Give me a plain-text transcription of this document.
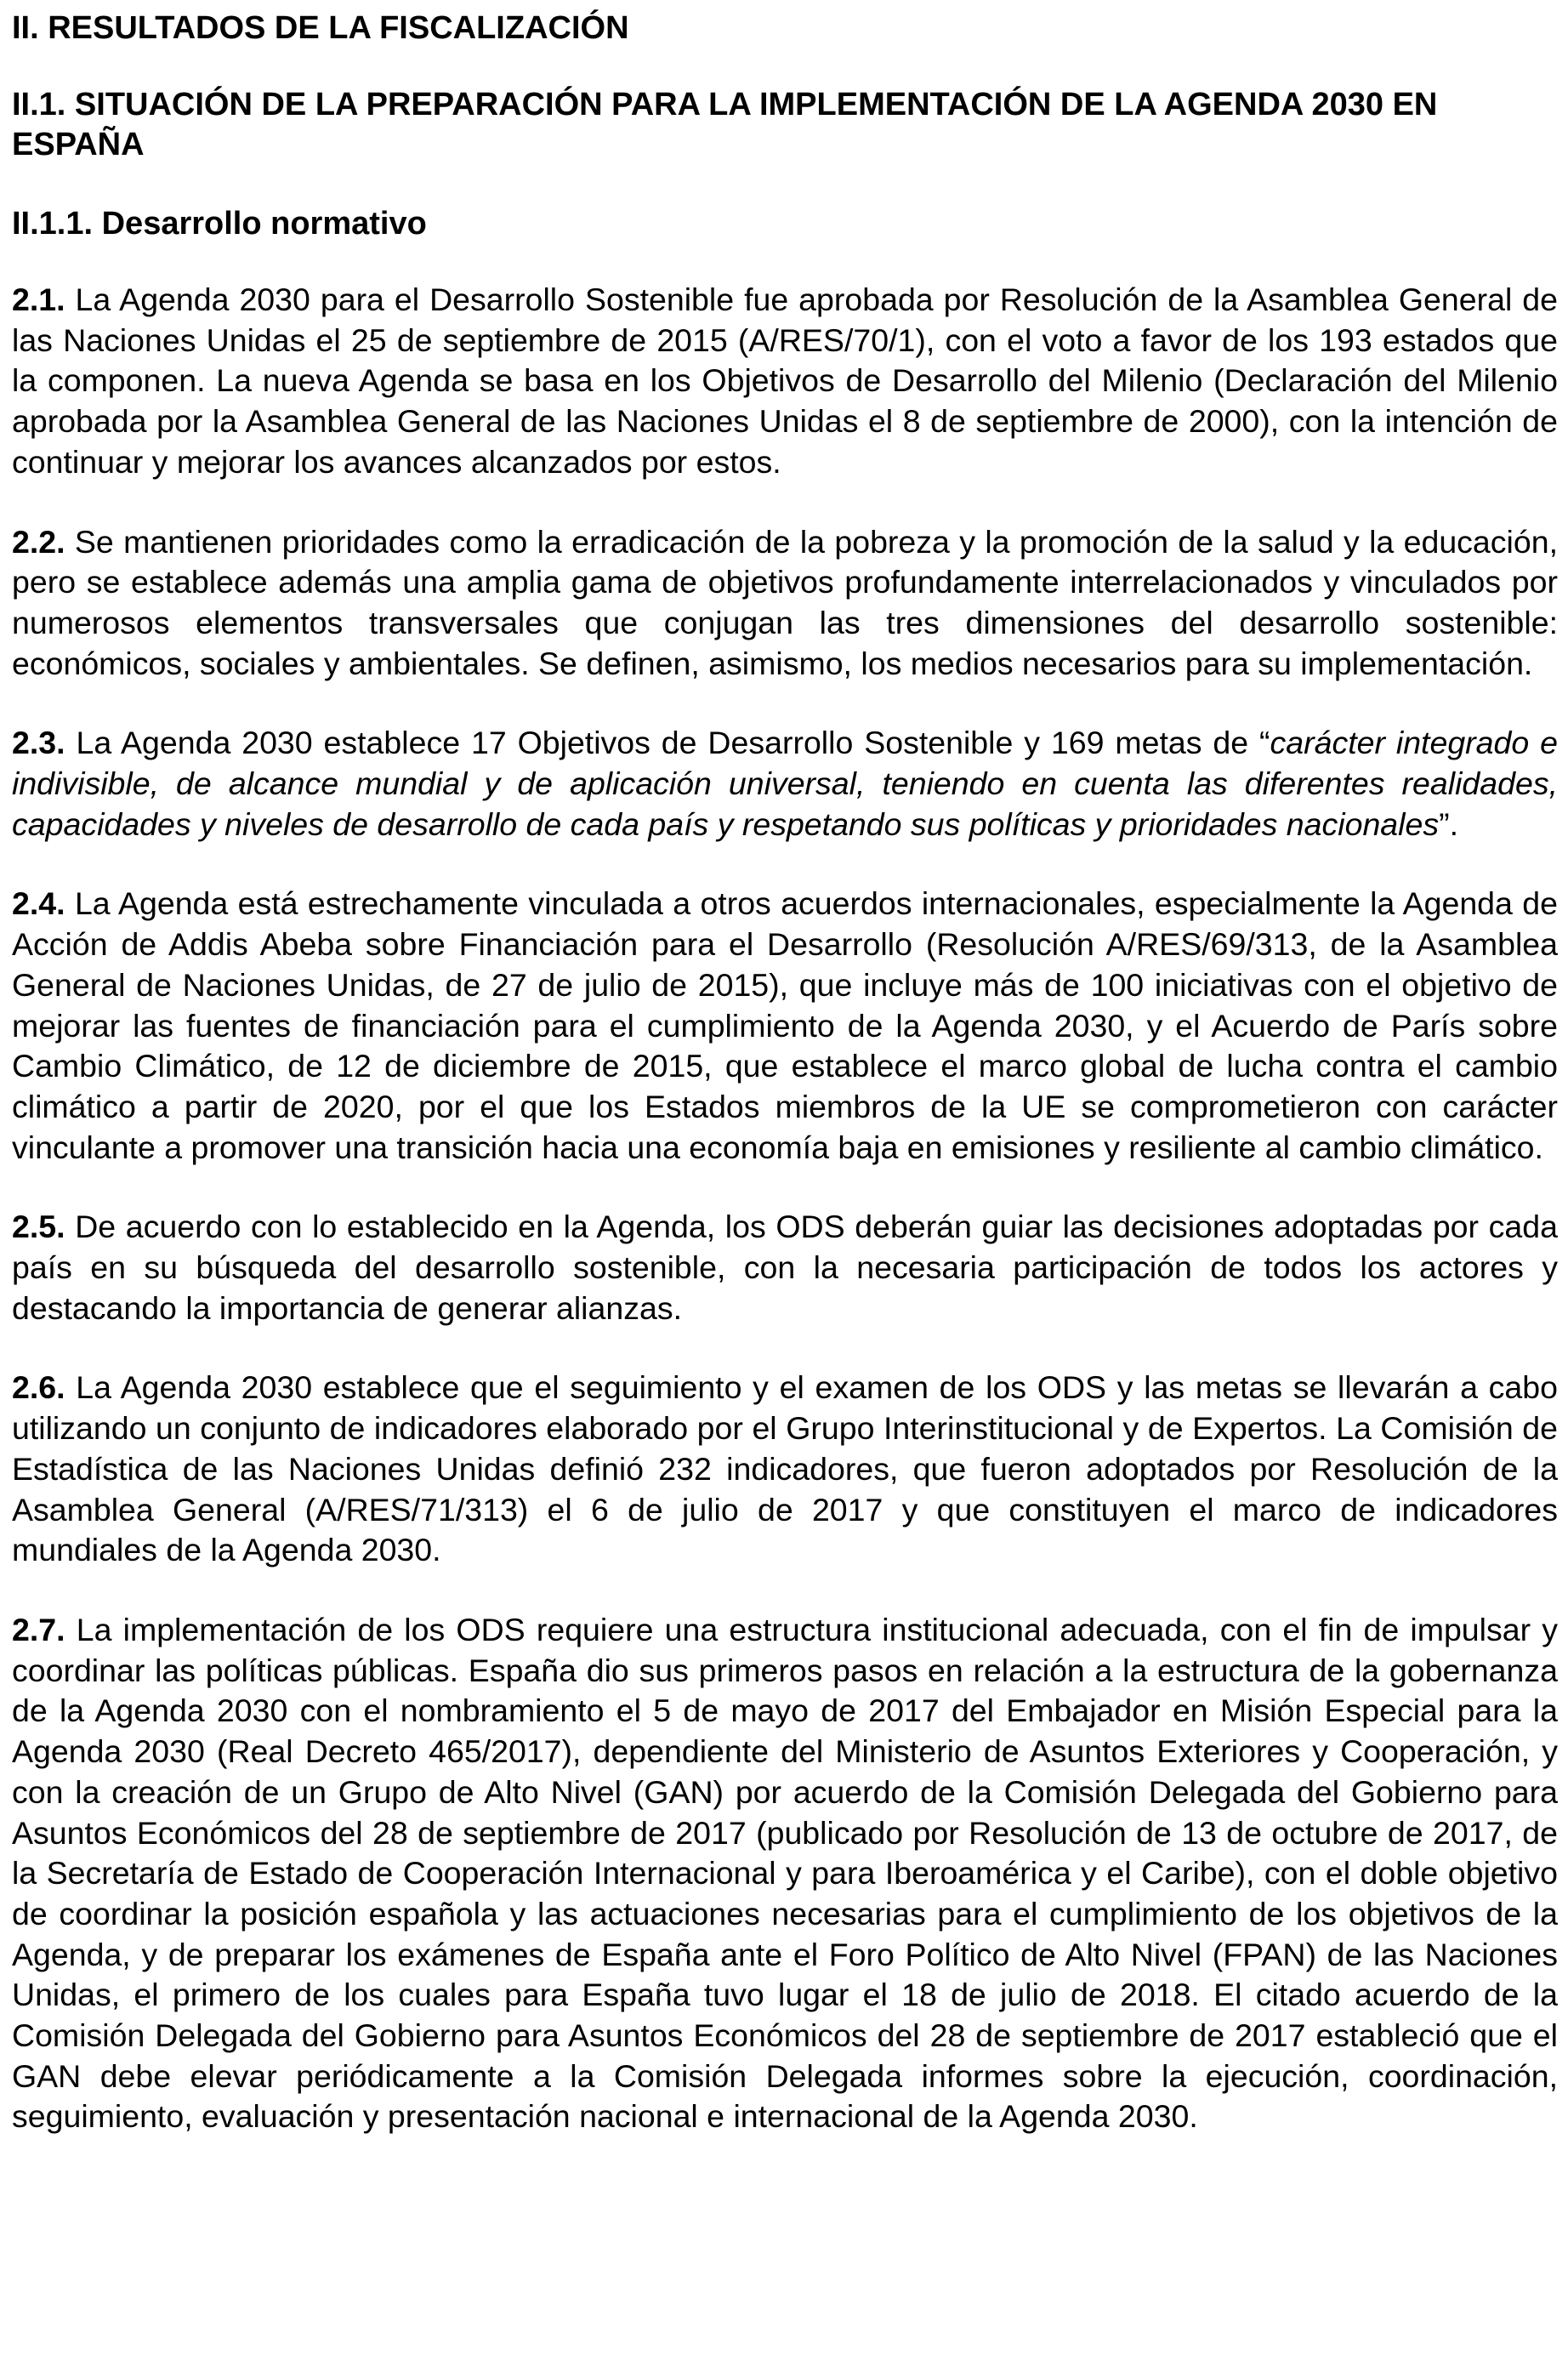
II. RESULTADOS DE LA FISCALIZACIÓN
II.1. SITUACIÓN DE LA PREPARACIÓN PARA LA IMPLEMENTACIÓN DE LA AGENDA 2030 EN ESPAÑA
II.1.1. Desarrollo normativo

2.1. La Agenda 2030 para el Desarrollo Sostenible fue aprobada por Resolución de la Asamblea General de las Naciones Unidas el 25 de septiembre de 2015 (A/RES/70/1), con el voto a favor de los 193 estados que la componen. La nueva Agenda se basa en los Objetivos de Desarrollo del Milenio (Declaración del Milenio aprobada por la Asamblea General de las Naciones Unidas el 8 de septiembre de 2000), con la intención de continuar y mejorar los avances alcanzados por estos.

2.2. Se mantienen prioridades como la erradicación de la pobreza y la promoción de la salud y la educación, pero se establece además una amplia gama de objetivos profundamente interrelacionados y vinculados por numerosos elementos transversales que conjugan las tres dimensiones del desarrollo sostenible: económicos, sociales y ambientales. Se definen, asimismo, los medios necesarios para su implementación.

2.3. La Agenda 2030 establece 17 Objetivos de Desarrollo Sostenible y 169 metas de “carácter integrado e indivisible, de alcance mundial y de aplicación universal, teniendo en cuenta las diferentes realidades, capacidades y niveles de desarrollo de cada país y respetando sus políticas y prioridades nacionales”.

2.4. La Agenda está estrechamente vinculada a otros acuerdos internacionales, especialmente la Agenda de Acción de Addis Abeba sobre Financiación para el Desarrollo (Resolución A/RES/69/313, de la Asamblea General de Naciones Unidas, de 27 de julio de 2015), que incluye más de 100 iniciativas con el objetivo de mejorar las fuentes de financiación para el cumplimiento de la Agenda 2030, y el Acuerdo de París sobre Cambio Climático, de 12 de diciembre de 2015, que establece el marco global de lucha contra el cambio climático a partir de 2020, por el que los Estados miembros de la UE se comprometieron con carácter vinculante a promover una transición hacia una economía baja en emisiones y resiliente al cambio climático.

2.5. De acuerdo con lo establecido en la Agenda, los ODS deberán guiar las decisiones adoptadas por cada país en su búsqueda del desarrollo sostenible, con la necesaria participación de todos los actores y destacando la importancia de generar alianzas.

2.6. La Agenda 2030 establece que el seguimiento y el examen de los ODS y las metas se llevarán a cabo utilizando un conjunto de indicadores elaborado por el Grupo Interinstitucional y de Expertos. La Comisión de Estadística de las Naciones Unidas definió 232 indicadores, que fueron adoptados por Resolución de la Asamblea General (A/RES/71/313) el 6 de julio de 2017 y que constituyen el marco de indicadores mundiales de la Agenda 2030.

2.7. La implementación de los ODS requiere una estructura institucional adecuada, con el fin de impulsar y coordinar las políticas públicas. España dio sus primeros pasos en relación a la estructura de la gobernanza de la Agenda 2030 con el nombramiento el 5 de mayo de 2017 del Embajador en Misión Especial para la Agenda 2030 (Real Decreto 465/2017), dependiente del Ministerio de Asuntos Exteriores y Cooperación, y con la creación de un Grupo de Alto Nivel (GAN) por acuerdo de la Comisión Delegada del Gobierno para Asuntos Económicos del 28 de septiembre de 2017 (publicado por Resolución de 13 de octubre de 2017, de la Secretaría de Estado de Cooperación Internacional y para Iberoamérica y el Caribe), con el doble objetivo de coordinar la posición española y las actuaciones necesarias para el cumplimiento de los objetivos de la Agenda, y de preparar los exámenes de España ante el Foro Político de Alto Nivel (FPAN) de las Naciones Unidas, el primero de los cuales para España tuvo lugar el 18 de julio de 2018. El citado acuerdo de la Comisión Delegada del Gobierno para Asuntos Económicos del 28 de septiembre de 2017 estableció que el GAN debe elevar periódicamente a la Comisión Delegada informes sobre la ejecución, coordinación, seguimiento, evaluación y presentación nacional e internacional de la Agenda 2030.
